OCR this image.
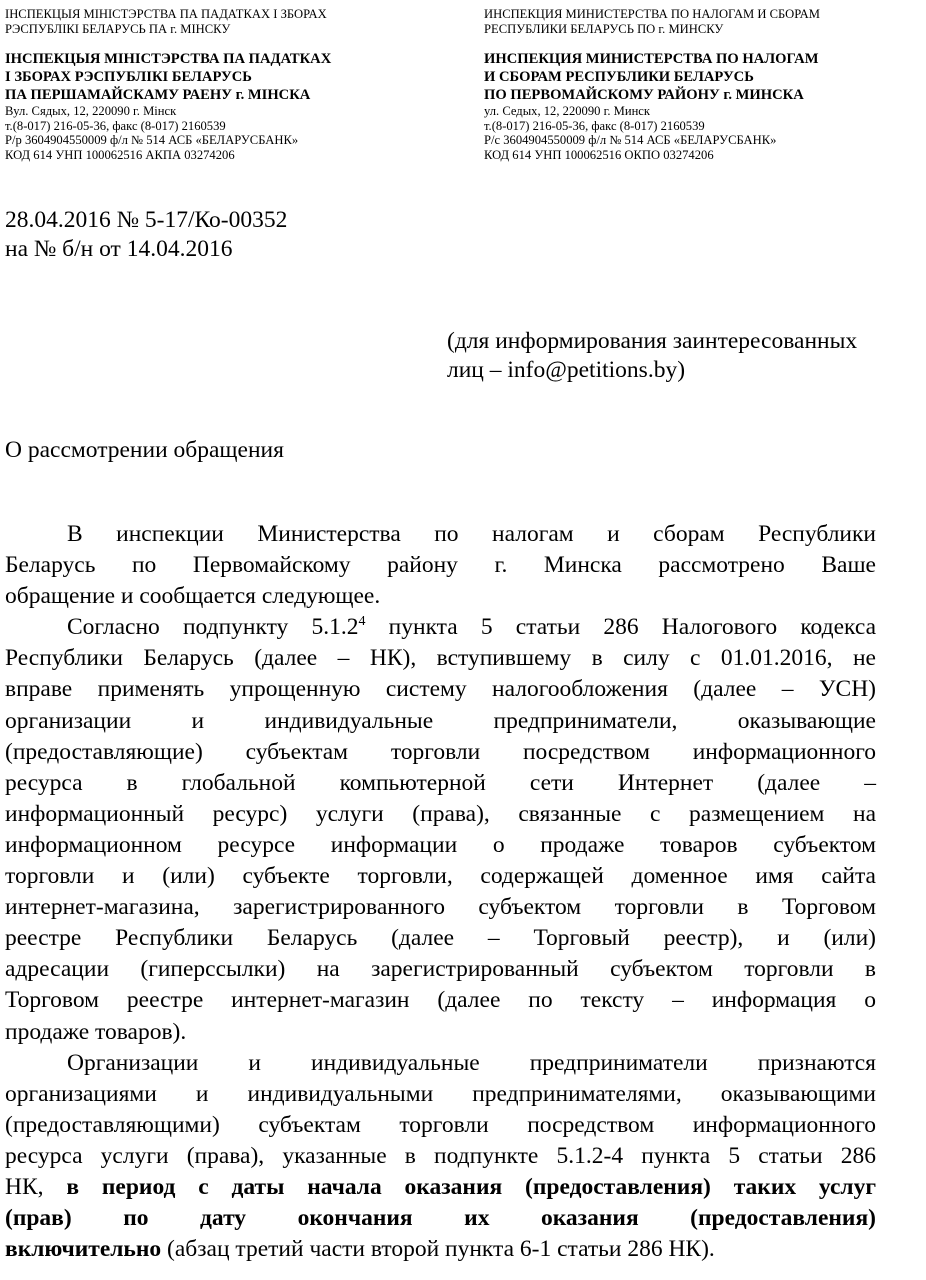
ІНСПЕКЦЫЯ МІНІСТЭРСТВА ПА ПАДАТКАХ І ЗБОРАХ
РЭСПУБЛІКІ БЕЛАРУСЬ ПА г. МІНСКУ
ІНСПЕКЦЫЯ МІНІСТЭРСТВА ПА ПАДАТКАХ
І ЗБОРАХ РЭСПУБЛІКІ БЕЛАРУСЬ
ПА ПЕРШАМАЙСКАМУ РАЕНУ г. МІНСКА
Вул. Сядых, 12, 220090 г. Мінск
т.(8-017) 216-05-36, факс (8-017) 2160539
Р/р 3604904550009 ф/л № 514 АСБ «БЕЛАРУСБАНК»
КОД 614 УНП 100062516 АКПА 03274206
ИНСПЕКЦИЯ МИНИСТЕРСТВА ПО НАЛОГАМ И СБОРАМ
РЕСПУБЛИКИ БЕЛАРУСЬ ПО г. МИНСКУ
ИНСПЕКЦИЯ МИНИСТЕРСТВА ПО НАЛОГАМ
И СБОРАМ РЕСПУБЛИКИ БЕЛАРУСЬ
ПО ПЕРВОМАЙСКОМУ РАЙОНУ г. МИНСКА
ул. Седых, 12, 220090 г. Минск
т.(8-017) 216-05-36, факс (8-017) 2160539
Р/с 3604904550009 ф/л № 514 АСБ «БЕЛАРУСБАНК»
КОД 614 УНП 100062516 ОКПО 03274206
28.04.2016 № 5-17/Ко-00352
на № б/н от 14.04.2016
(для информирования заинтересованных
лиц – info@petitions.by)
О рассмотрении обращения
В инспекции Министерства по налогам и сборам Республики
Беларусь по Первомайскому району г. Минска рассмотрено Ваше
обращение и сообщается следующее.
Согласно подпункту 5.1.2$^4$ пункта 5 статьи 286 Налогового кодекса
Республики Беларусь (далее – НК), вступившему в силу с 01.01.2016, не
вправе применять упрощенную систему налогообложения (далее – УСН)
организации и индивидуальные предприниматели, оказывающие
(предоставляющие) субъектам торговли посредством информационного
ресурса в глобальной компьютерной сети Интернет (далее –
информационный ресурс) услуги (права), связанные с размещением на
информационном ресурсе информации о продаже товаров субъектом
торговли и (или) субъекте торговли, содержащей доменное имя сайта
интернет-магазина, зарегистрированного субъектом торговли в Торговом
реестре Республики Беларусь (далее – Торговый реестр), и (или)
адресации (гиперссылки) на зарегистрированный субъектом торговли в
Торговом реестре интернет-магазин (далее по тексту – информация о
продаже товаров).
Организации и индивидуальные предприниматели признаются
организациями и индивидуальными предпринимателями, оказывающими
(предоставляющими) субъектам торговли посредством информационного
ресурса услуги (права), указанные в подпункте 5.1.2-4 пункта 5 статьи 286
НК, в период с даты начала оказания (предоставления) таких услуг
(прав) по дату окончания их оказания (предоставления)
включительно (абзац третий части второй пункта 6-1 статьи 286 НК).
